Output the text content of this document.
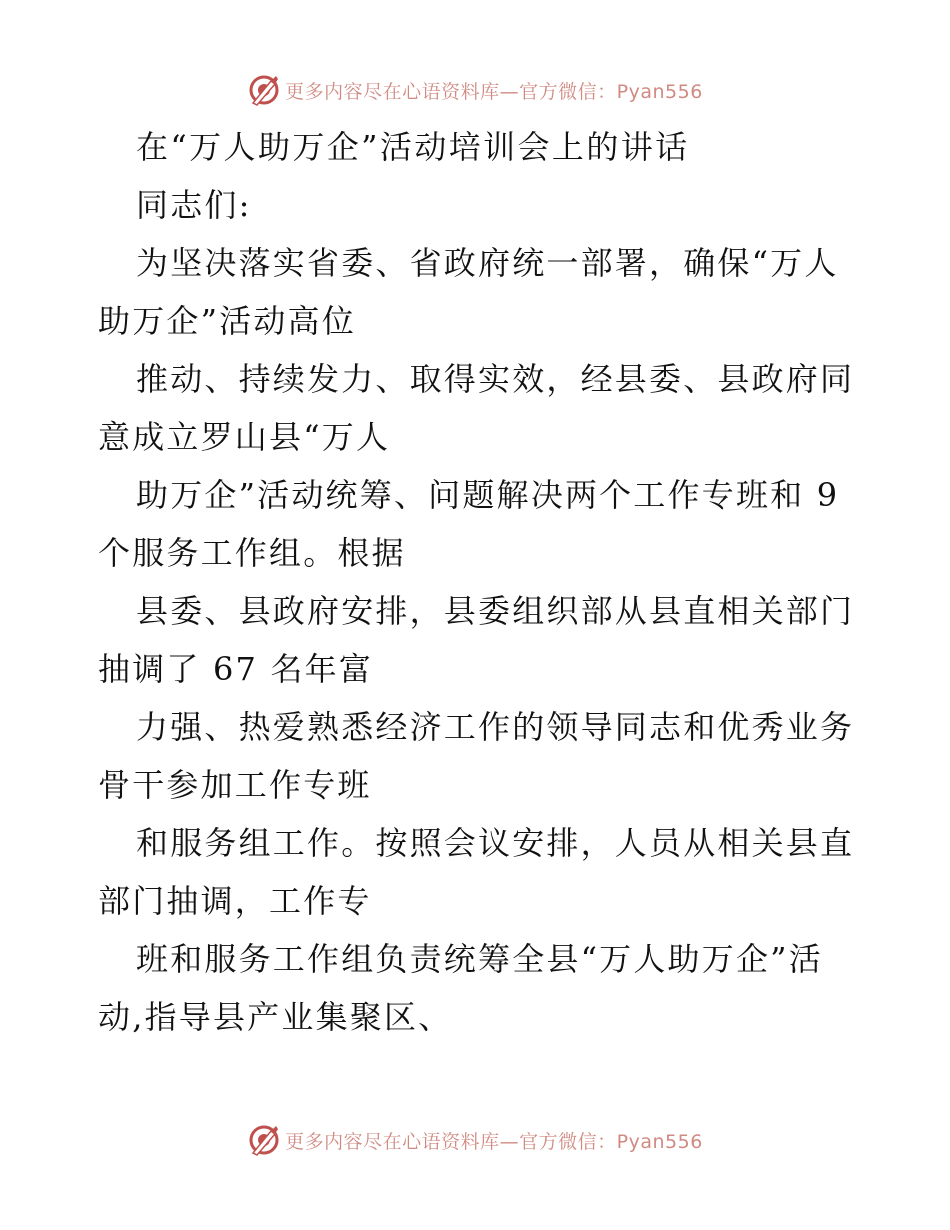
更多内容尽在心语资料库—官方微信：Pyan556
在“万人助万企”活动培训会上的讲话
同志们:
为坚决落实省委、省政府统一部署，确保“万人
助万企”活动高位
推动、持续发力、取得实效，经县委、县政府同
意成立罗山县“万人
助万企”活动统筹、问题解决两个工作专班和 9
个服务工作组。根据
县委、县政府安排，县委组织部从县直相关部门
抽调了 67 名年富
力强、热爱熟悉经济工作的领导同志和优秀业务
骨干参加工作专班
和服务组工作。按照会议安排，人员从相关县直
部门抽调，工作专
班和服务工作组负责统筹全县“万人助万企”活
动,指导县产业集聚区、
更多内容尽在心语资料库—官方微信：Pyan556
